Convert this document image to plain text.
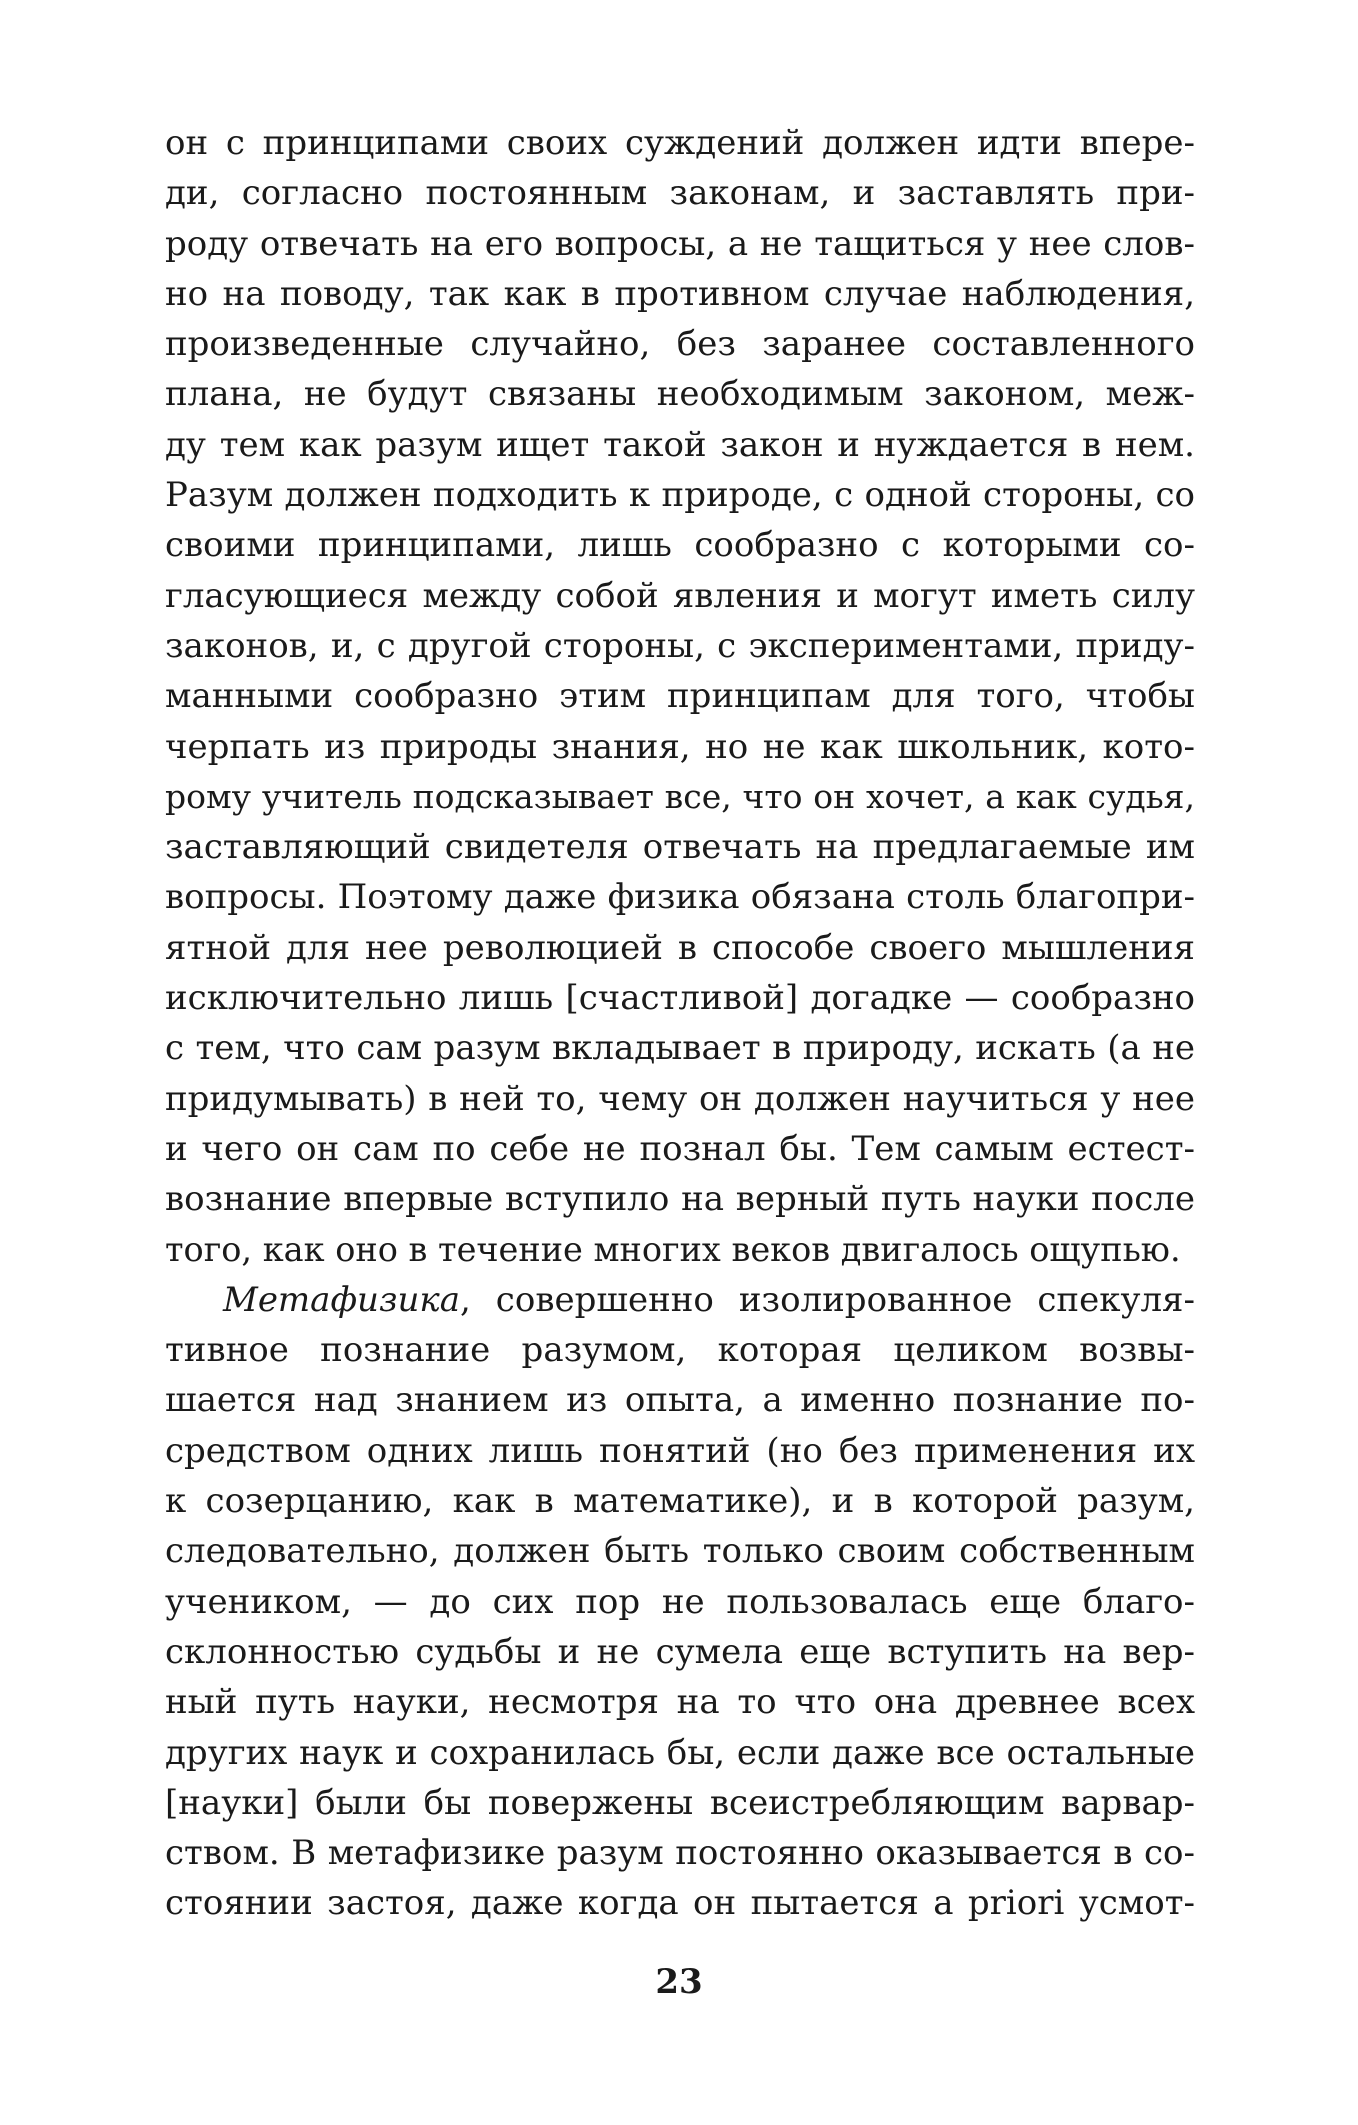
он с принципами своих суждений должен идти впере-
ди, согласно постоянным законам, и заставлять при-
роду отвечать на его вопросы, а не тащиться у нее слов-
но на поводу, так как в противном случае наблюдения,
произведенные случайно, без заранее составленного
плана, не будут связаны необходимым законом, меж-
ду тем как разум ищет такой закон и нуждается в нем.
Разум должен подходить к природе, с одной стороны, со
своими принципами, лишь сообразно с которыми со-
гласующиеся между собой явления и могут иметь силу
законов, и, с другой стороны, с экспериментами, приду-
манными сообразно этим принципам для того, чтобы
черпать из природы знания, но не как школьник, кото-
рому учитель подсказывает все, что он хочет, а как судья,
заставляющий свидетеля отвечать на предлагаемые им
вопросы. Поэтому даже физика обязана столь благопри-
ятной для нее революцией в способе своего мышления
исключительно лишь [счастливой] догадке — сообразно
с тем, что сам разум вкладывает в природу, искать (а не
придумывать) в ней то, чему он должен научиться у нее
и чего он сам по себе не познал бы. Тем самым естест-
вознание впервые вступило на верный путь науки после
того, как оно в течение многих веков двигалось ощупью.
Метафизика, совершенно изолированное спекуля-
тивное познание разумом, которая целиком возвы-
шается над знанием из опыта, а именно познание по-
средством одних лишь понятий (но без применения их
к созерцанию, как в математике), и в которой разум,
следовательно, должен быть только своим собственным
учеником, — до сих пор не пользовалась еще благо-
склонностью судьбы и не сумела еще вступить на вер-
ный путь науки, несмотря на то что она древнее всех
других наук и сохранилась бы, если даже все остальные
[науки] были бы повержены всеистребляющим варвар-
ством. В метафизике разум постоянно оказывается в со-
стоянии застоя, даже когда он пытается a priori усмот-
23
